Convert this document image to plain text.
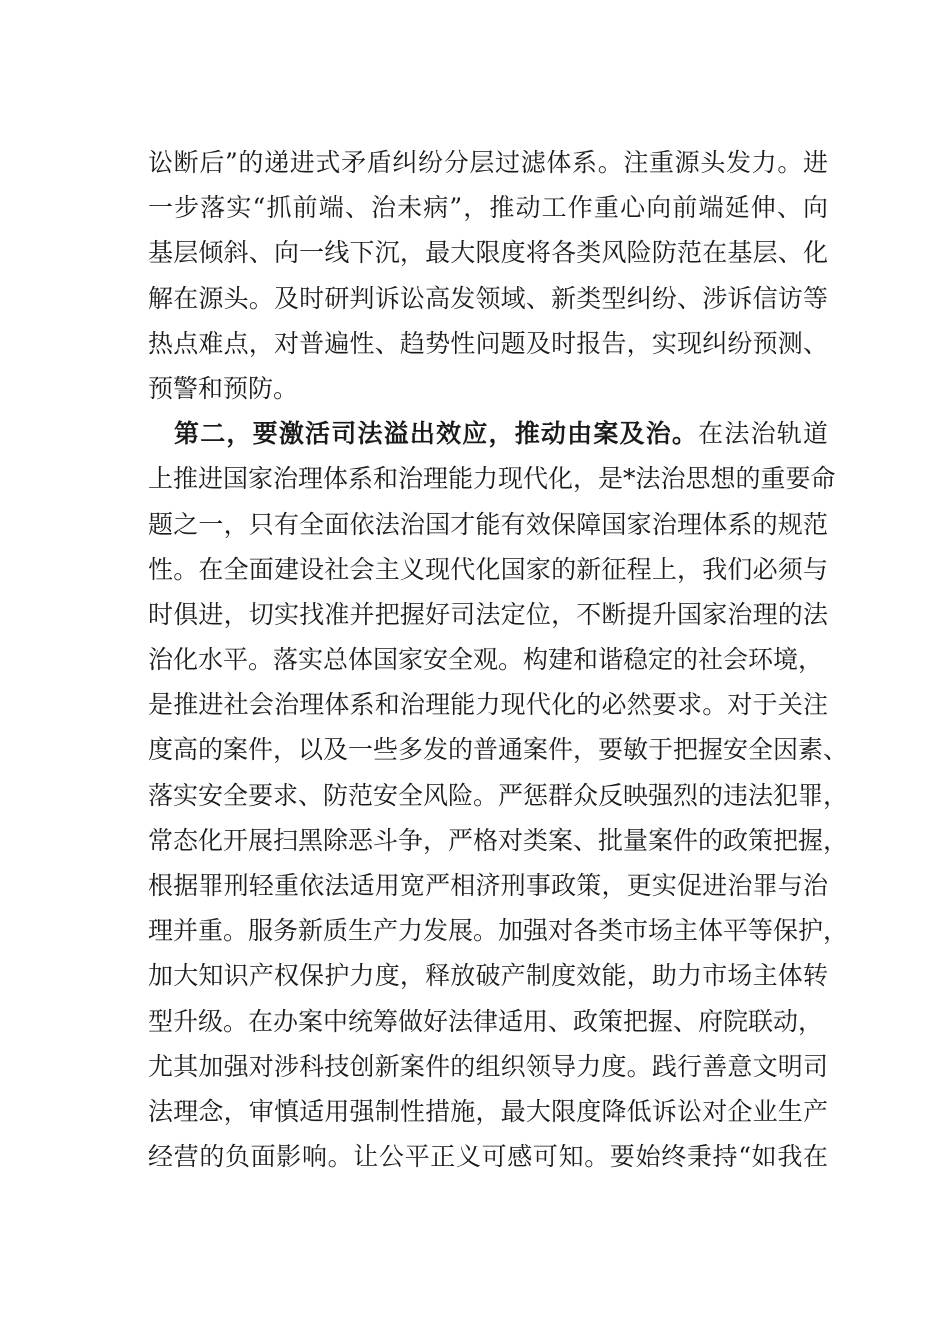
讼断后”的递进式矛盾纠纷分层过滤体系。注重源头发力。进
一步落实“抓前端、治未病”，推动工作重心向前端延伸、向
基层倾斜、向一线下沉，最大限度将各类风险防范在基层、化
解在源头。及时研判诉讼高发领域、新类型纠纷、涉诉信访等
热点难点，对普遍性、趋势性问题及时报告，实现纠纷预测、
预警和预防。
第二，要激活司法溢出效应，推动由案及治。在法治轨道
上推进国家治理体系和治理能力现代化，是*法治思想的重要命
题之一，只有全面依法治国才能有效保障国家治理体系的规范
性。在全面建设社会主义现代化国家的新征程上，我们必须与
时俱进，切实找准并把握好司法定位，不断提升国家治理的法
治化水平。落实总体国家安全观。构建和谐稳定的社会环境，
是推进社会治理体系和治理能力现代化的必然要求。对于关注
度高的案件，以及一些多发的普通案件，要敏于把握安全因素、
落实安全要求、防范安全风险。严惩群众反映强烈的违法犯罪，
常态化开展扫黑除恶斗争，严格对类案、批量案件的政策把握，
根据罪刑轻重依法适用宽严相济刑事政策，更实促进治罪与治
理并重。服务新质生产力发展。加强对各类市场主体平等保护，
加大知识产权保护力度，释放破产制度效能，助力市场主体转
型升级。在办案中统筹做好法律适用、政策把握、府院联动，
尤其加强对涉科技创新案件的组织领导力度。践行善意文明司
法理念，审慎适用强制性措施，最大限度降低诉讼对企业生产
经营的负面影响。让公平正义可感可知。要始终秉持“如我在
